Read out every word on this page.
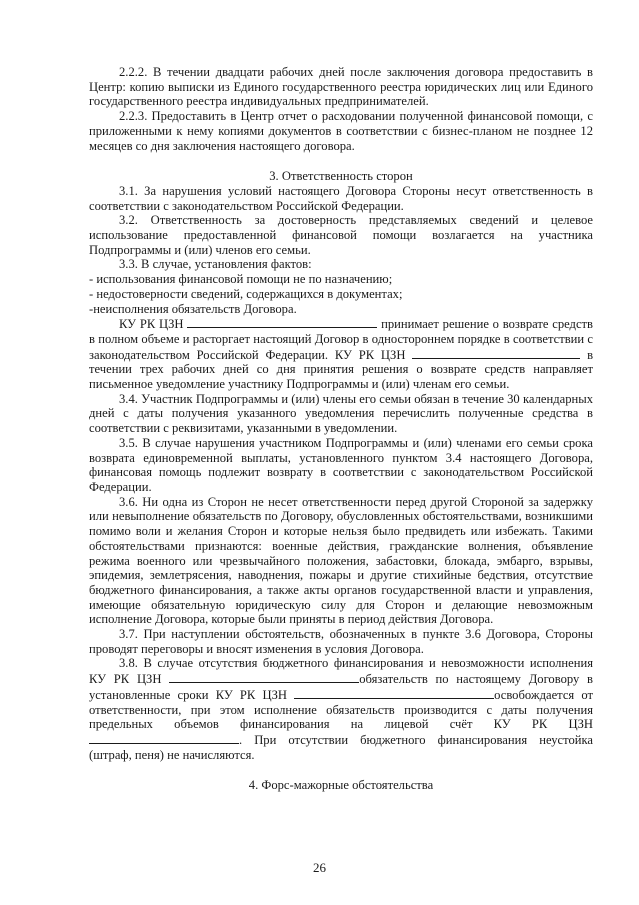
2.2.2. В течении двадцати рабочих дней после заключения договора предоставить в Центр: копию выписки из Единого государственного реестра юридических лиц или Единого государственного реестра индивидуальных предпринимателей.

2.2.3. Предоставить в Центр отчет о расходовании полученной финансовой помощи, с приложенными к нему копиями документов в соответствии с бизнес-планом не позднее 12 месяцев со дня заключения настоящего договора.

3. Ответственность сторон

3.1. За нарушения условий настоящего Договора Стороны несут ответственность в соответствии с законодательством Российской Федерации.

3.2. Ответственность за достоверность представляемых сведений и целевое использование предоставленной финансовой помощи возлагается на участника Подпрограммы и (или) членов его семьи.

3.3. В случае, установления фактов:

- использования финансовой помощи не по назначению;

- недостоверности сведений, содержащихся в документах;

-неисполнения обязательств Договора.

КУ РК ЦЗН	принимает решение о возврате средств в полном объеме и расторгает настоящий Договор в одностороннем порядке в соответствии с законодательством Российской Федерации. КУ РК ЦЗН	в течении трех рабочих дней со дня принятия решения о возврате средств направляет письменное уведомление участнику Подпрограммы и (или) членам его семьи.

3.4. Участник Подпрограммы и (или) члены его семьи обязан в течение 30 календарных дней с даты получения указанного уведомления перечислить полученные средства в соответствии с реквизитами, указанными в уведомлении.

3.5. В случае нарушения участником Подпрограммы и (или) членами его семьи срока возврата единовременной выплаты, установленного пунктом 3.4 настоящего Договора, финансовая помощь подлежит возврату в соответствии с законодательством Российской Федерации.

3.6. Ни одна из Сторон не несет ответственности перед другой Стороной за задержку или невыполнение обязательств по Договору, обусловленных обстоятельствами, возникшими помимо воли и желания Сторон и которые нельзя было предвидеть или избежать. Такими обстоятельствами признаются: военные действия, гражданские волнения, объявление режима военного или чрезвычайного положения, забастовки, блокада, эмбарго, взрывы, эпидемия, землетрясения, наводнения, пожары и другие стихийные бедствия, отсутствие бюджетного финансирования, а также акты органов государственной власти и управления, имеющие обязательную юридическую силу для Сторон и делающие невозможным исполнение Договора, которые были приняты в период действия Договора.

3.7. При наступлении обстоятельств, обозначенных в пункте 3.6 Договора, Стороны проводят переговоры и вносят изменения в условия Договора.

3.8. В случае отсутствия бюджетного финансирования и невозможности исполнения КУ РК ЦЗН	обязательств по настоящему Договору в установленные сроки КУ РК ЦЗН	освобождается от ответственности, при этом исполнение обязательств производится с даты получения предельных объемов финансирования на лицевой счёт КУ РК ЦЗН . При отсутствии бюджетного финансирования неустойка (штраф, пеня) не начисляются.

4. Форс-мажорные обстоятельства

26
